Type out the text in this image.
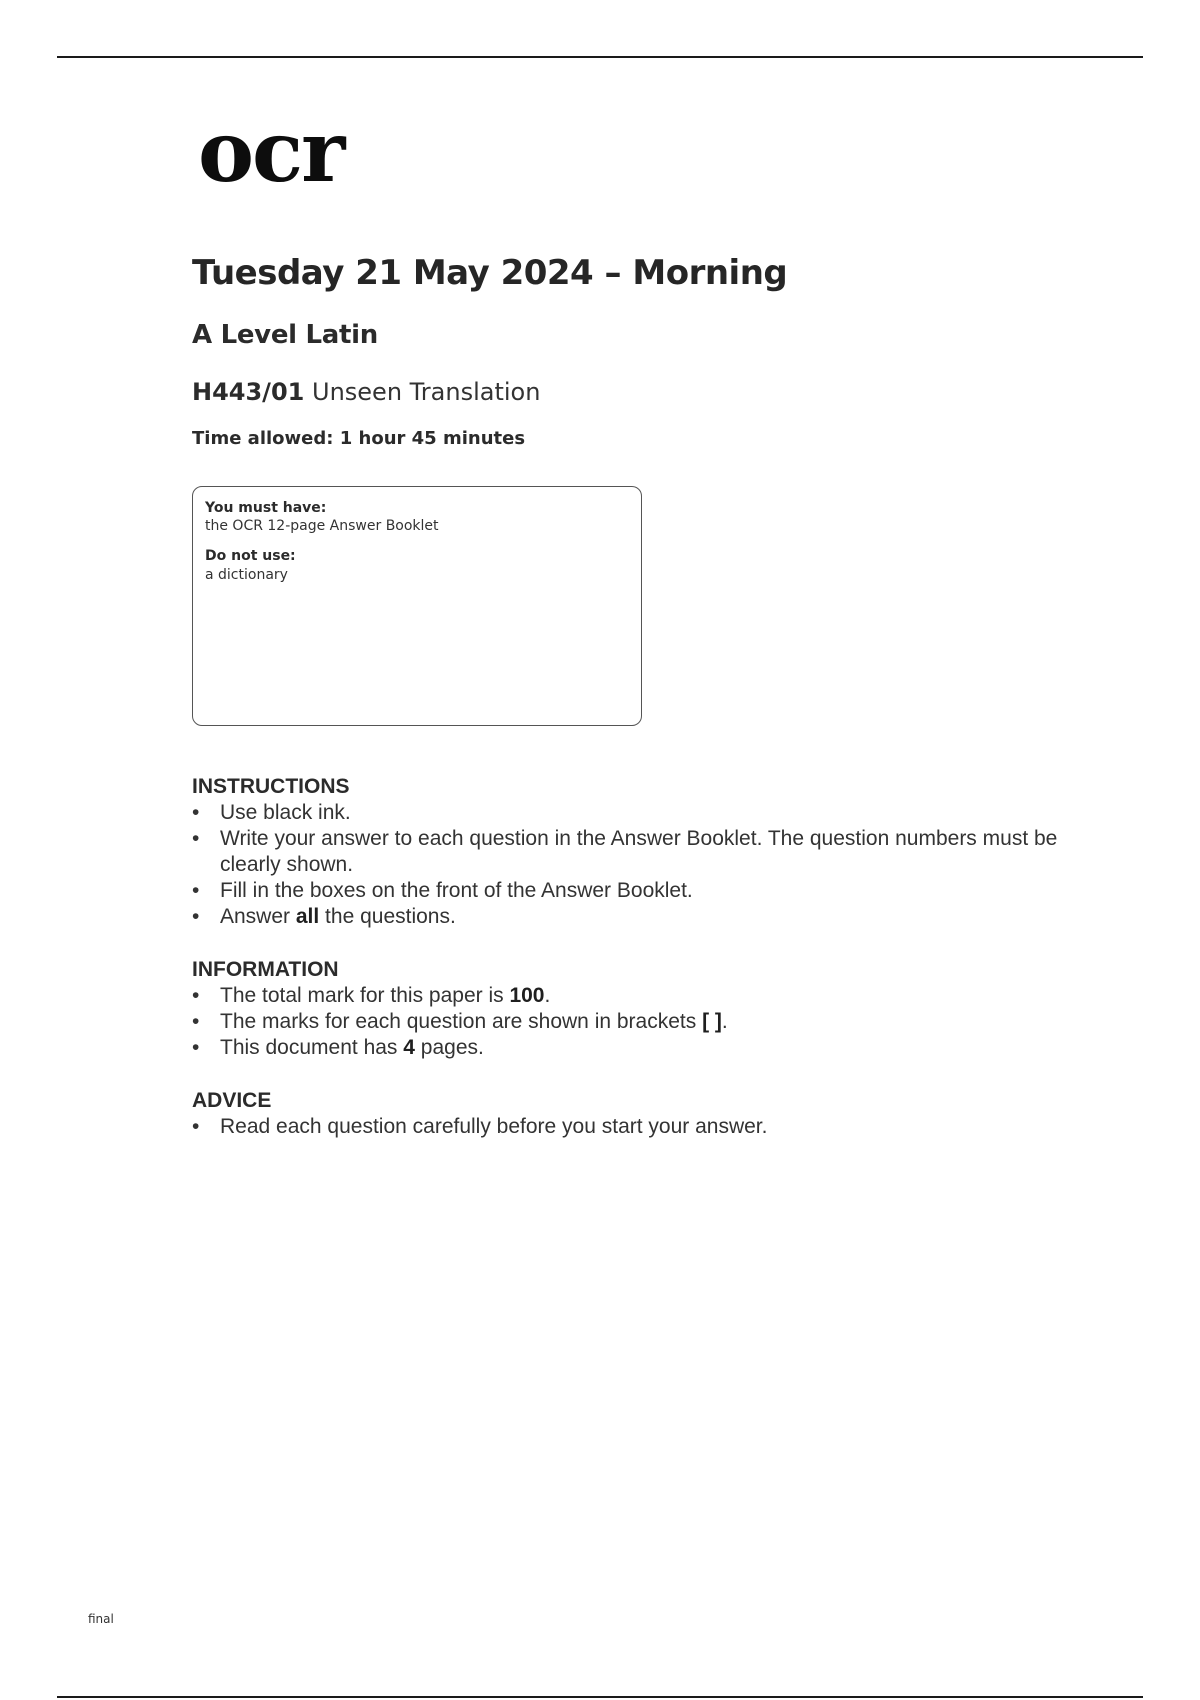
ocr
Tuesday 21 May 2024 – Morning
A Level Latin
H443/01 Unseen Translation
Time allowed: 1 hour 45 minutes
You must have:
the OCR 12-page Answer Booklet
Do not use:
a dictionary
INSTRUCTIONS
• Use black ink.
• Write your answer to each question in the Answer Booklet. The question numbers must be clearly shown.
• Fill in the boxes on the front of the Answer Booklet.
• Answer all the questions.
INFORMATION
• The total mark for this paper is 100.
• The marks for each question are shown in brackets [ ].
• This document has 4 pages.
ADVICE
• Read each question carefully before you start your answer.
final
